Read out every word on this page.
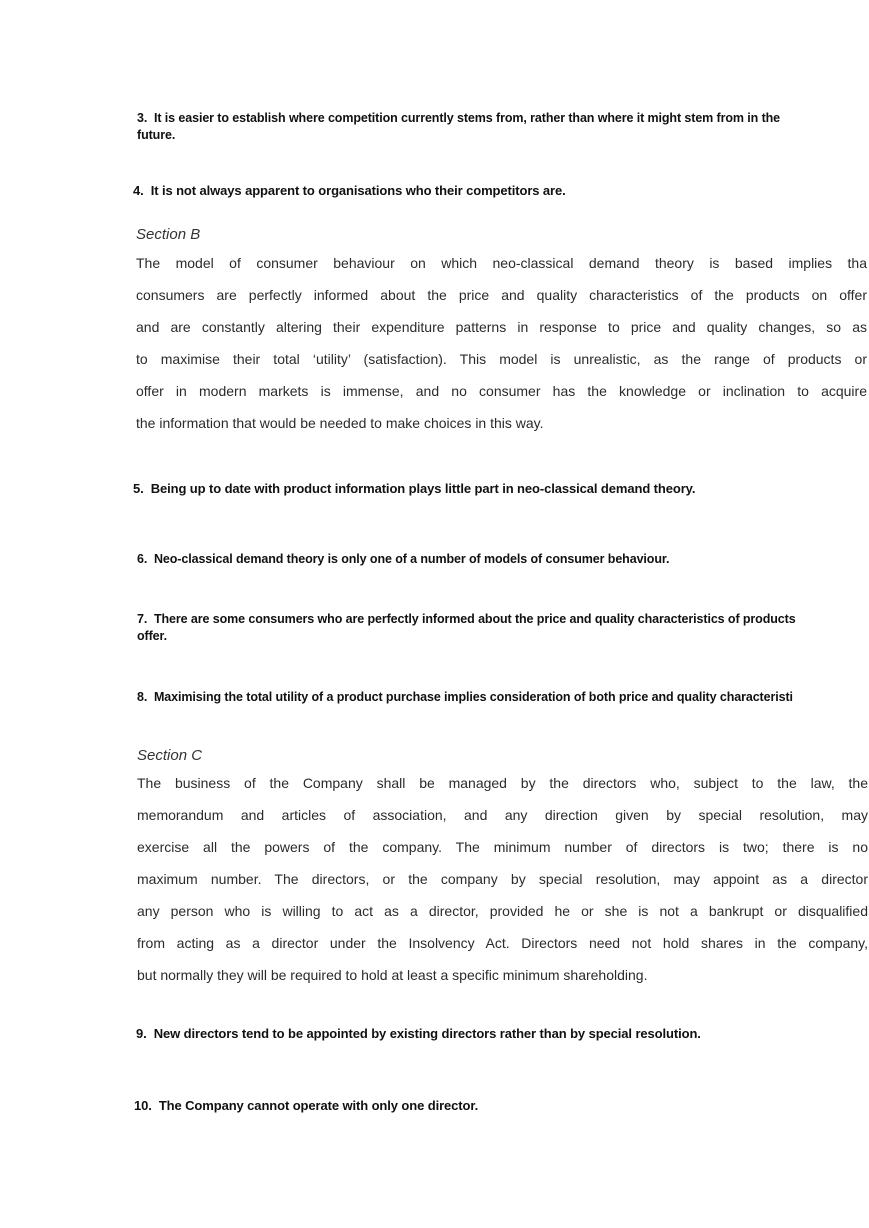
3. It is easier to establish where competition currently stems from, rather than where it might stem from in the
future.
4. It is not always apparent to organisations who their competitors are.
Section B
The model of consumer behaviour on which neo-classical demand theory is based implies tha
consumers are perfectly informed about the price and quality characteristics of the products on offer
and are constantly altering their expenditure patterns in response to price and quality changes, so as
to maximise their total ‘utility’ (satisfaction). This model is unrealistic, as the range of products or
offer in modern markets is immense, and no consumer has the knowledge or inclination to acquire
the information that would be needed to make choices in this way.
5. Being up to date with product information plays little part in neo-classical demand theory.
6. Neo-classical demand theory is only one of a number of models of consumer behaviour.
7. There are some consumers who are perfectly informed about the price and quality characteristics of products
offer.
8. Maximising the total utility of a product purchase implies consideration of both price and quality characteristi
Section C
The business of the Company shall be managed by the directors who, subject to the law, the
memorandum and articles of association, and any direction given by special resolution, may
exercise all the powers of the company. The minimum number of directors is two; there is no
maximum number. The directors, or the company by special resolution, may appoint as a director
any person who is willing to act as a director, provided he or she is not a bankrupt or disqualified
from acting as a director under the Insolvency Act. Directors need not hold shares in the company,
but normally they will be required to hold at least a specific minimum shareholding.
9. New directors tend to be appointed by existing directors rather than by special resolution.
10. The Company cannot operate with only one director.
